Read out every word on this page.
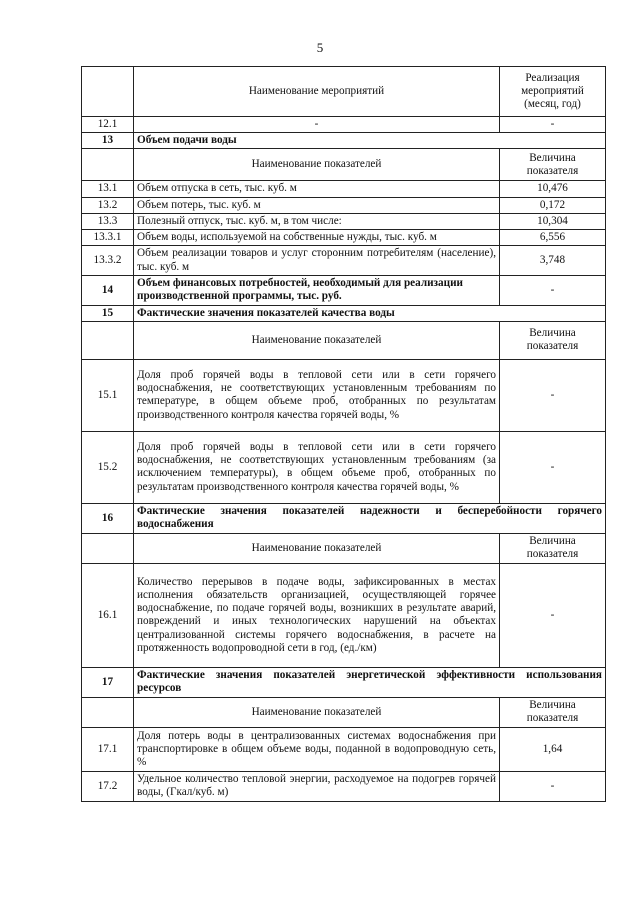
5
	Наименование мероприятий	Реализация мероприятий (месяц, год)
12.1	-	-
13	Объем подачи воды	
	Наименование показателей	Величина показателя
13.1	Объем отпуска в сеть, тыс. куб. м	10,476
13.2	Объем потерь, тыс. куб. м	0,172
13.3	Полезный отпуск, тыс. куб. м, в том числе:	10,304
13.3.1	Объем воды, используемой на собственные нужды, тыс. куб. м	6,556
13.3.2	Объем реализации товаров и услуг сторонним потребителям (население), тыс. куб. м	3,748
14	Объем финансовых потребностей, необходимый для реализации производственной программы, тыс. руб.	-
15	Фактические значения показателей качества воды	
	Наименование показателей	Величина показателя
15.1	Доля проб горячей воды в тепловой сети или в сети горячего водоснабжения, не соответствующих установленным требованиям по температуре, в общем объеме проб, отобранных по результатам производственного контроля качества горячей воды, %	-
15.2	Доля проб горячей воды в тепловой сети или в сети горячего водоснабжения, не соответствующих установленным требованиям (за исключением температуры), в общем объеме проб, отобранных по результатам производственного контроля качества горячей воды, %	-
16	Фактические значения показателей надежности и бесперебойности горячего водоснабжения	
	Наименование показателей	Величина показателя
16.1	Количество перерывов в подаче воды, зафиксированных в местах исполнения обязательств организацией, осуществляющей горячее водоснабжение, по подаче горячей воды, возникших в результате аварий, повреждений и иных технологических нарушений на объектах централизованной системы горячего водоснабжения, в расчете на протяженность водопроводной сети в год, (ед./км)	-
17	Фактические значения показателей энергетической эффективности использования ресурсов	
	Наименование показателей	Величина показателя
17.1	Доля потерь воды в централизованных системах водоснабжения при транспортировке в общем объеме воды, поданной в водопроводную сеть, %	1,64
17.2	Удельное количество тепловой энергии, расходуемое на подогрев горячей воды, (Гкал/куб. м)	-
